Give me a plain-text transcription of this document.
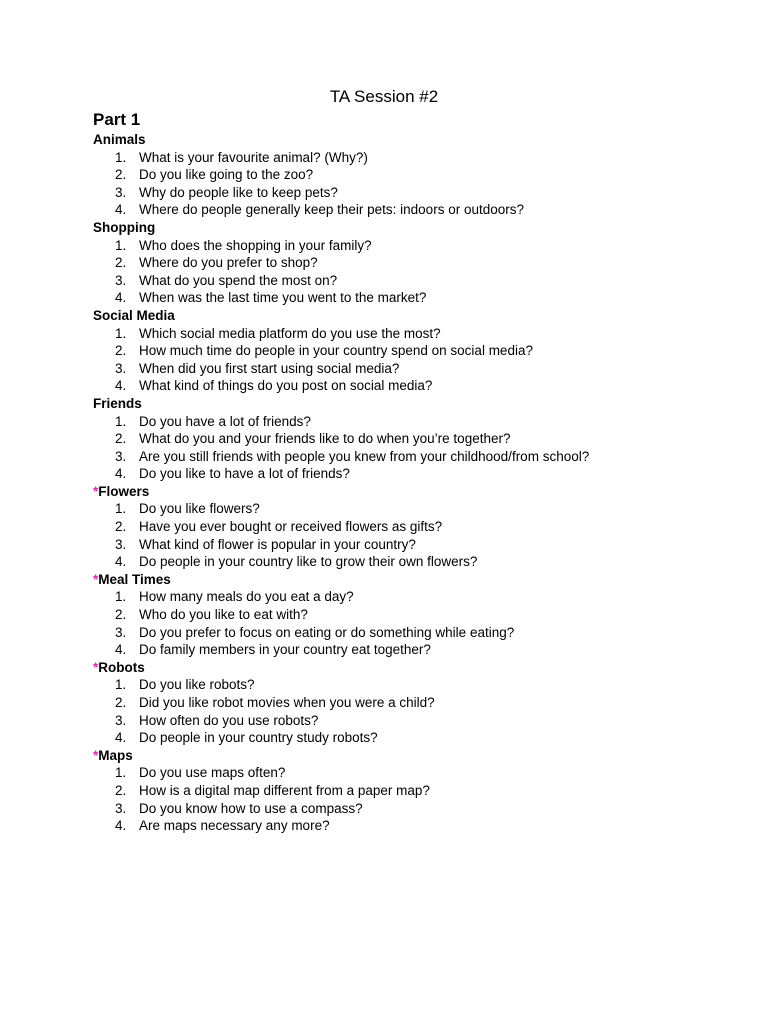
TA Session #2
Part 1
Animals
1. What is your favourite animal? (Why?)
2. Do you like going to the zoo?
3. Why do people like to keep pets?
4. Where do people generally keep their pets: indoors or outdoors?
Shopping
1. Who does the shopping in your family?
2. Where do you prefer to shop?
3. What do you spend the most on?
4. When was the last time you went to the market?
Social Media
1. Which social media platform do you use the most?
2. How much time do people in your country spend on social media?
3. When did you first start using social media?
4. What kind of things do you post on social media?
Friends
1. Do you have a lot of friends?
2. What do you and your friends like to do when you’re together?
3. Are you still friends with people you knew from your childhood/from school?
4. Do you like to have a lot of friends?
*Flowers
1. Do you like flowers?
2. Have you ever bought or received flowers as gifts?
3. What kind of flower is popular in your country?
4. Do people in your country like to grow their own flowers?
*Meal Times
1. How many meals do you eat a day?
2. Who do you like to eat with?
3. Do you prefer to focus on eating or do something while eating?
4. Do family members in your country eat together?
*Robots
1. Do you like robots?
2. Did you like robot movies when you were a child?
3. How often do you use robots?
4. Do people in your country study robots?
*Maps
1. Do you use maps often?
2. How is a digital map different from a paper map?
3. Do you know how to use a compass?
4. Are maps necessary any more?
